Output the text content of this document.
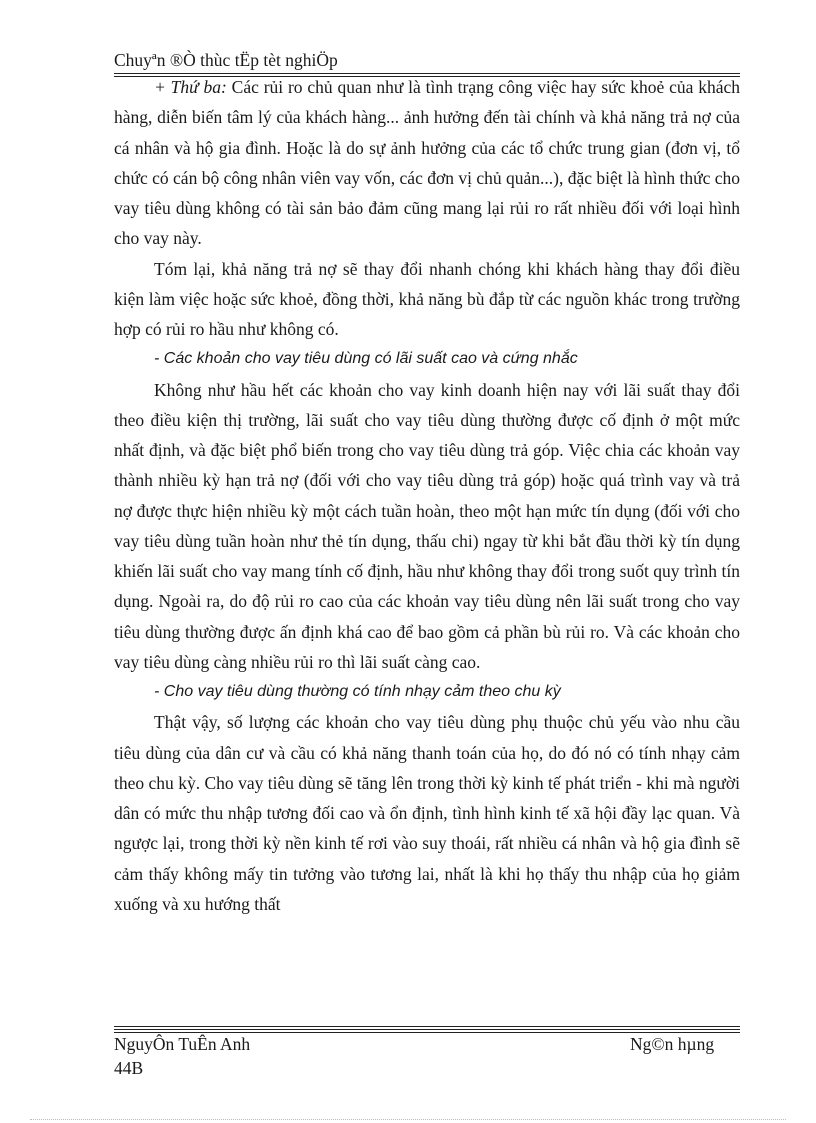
Chuyªn ®Ò thùc tËp tèt nghiÖp

+ Thứ ba: Các rủi ro chủ quan như là tình trạng công việc hay sức khoẻ của khách hàng, diễn biến tâm lý của khách hàng... ảnh hưởng đến tài chính và khả năng trả nợ của cá nhân và hộ gia đình. Hoặc là do sự ảnh hưởng của các tổ chức trung gian (đơn vị, tổ chức có cán bộ công nhân viên vay vốn, các đơn vị chủ quản...), đặc biệt là hình thức cho vay tiêu dùng không có tài sản bảo đảm cũng mang lại rủi ro rất nhiều đối với loại hình cho vay này.

Tóm lại, khả năng trả nợ sẽ thay đổi nhanh chóng khi khách hàng thay đổi điều kiện làm việc hoặc sức khoẻ, đồng thời, khả năng bù đắp từ các nguồn khác trong trường hợp có rủi ro hầu như không có.

- Các khoản cho vay tiêu dùng có lãi suất cao và cứng nhắc

Không như hầu hết các khoản cho vay kinh doanh hiện nay với lãi suất thay đổi theo điều kiện thị trường, lãi suất cho vay tiêu dùng thường được cố định ở một mức nhất định, và đặc biệt phổ biến trong cho vay tiêu dùng trả góp. Việc chia các khoản vay thành nhiều kỳ hạn trả nợ (đối với cho vay tiêu dùng trả góp) hoặc quá trình vay và trả nợ được thực hiện nhiều kỳ một cách tuần hoàn, theo một hạn mức tín dụng (đối với cho vay tiêu dùng tuần hoàn như thẻ tín dụng, thấu chi) ngay từ khi bắt đầu thời kỳ tín dụng khiến lãi suất cho vay mang tính cố định, hầu như không thay đổi trong suốt quy trình tín dụng. Ngoài ra, do độ rủi ro cao của các khoản vay tiêu dùng nên lãi suất trong cho vay tiêu dùng thường được ấn định khá cao để bao gồm cả phần bù rủi ro. Và các khoản cho vay tiêu dùng càng nhiều rủi ro thì lãi suất càng cao.

- Cho vay tiêu dùng thường có tính nhạy cảm theo chu kỳ

Thật vậy, số lượng các khoản cho vay tiêu dùng phụ thuộc chủ yếu vào nhu cầu tiêu dùng của dân cư và cầu có khả năng thanh toán của họ, do đó nó có tính nhạy cảm theo chu kỳ. Cho vay tiêu dùng sẽ tăng lên trong thời kỳ kinh tế phát triển - khi mà người dân có mức thu nhập tương đối cao và ổn định, tình hình kinh tế xã hội đầy lạc quan. Và ngược lại, trong thời kỳ nền kinh tế rơi vào suy thoái, rất nhiều cá nhân và hộ gia đình sẽ cảm thấy không mấy tin tưởng vào tương lai, nhất là khi họ thấy thu nhập của họ giảm xuống và xu hướng thất

NguyÔn TuÊn Anh
44B
Ng©n hµng
